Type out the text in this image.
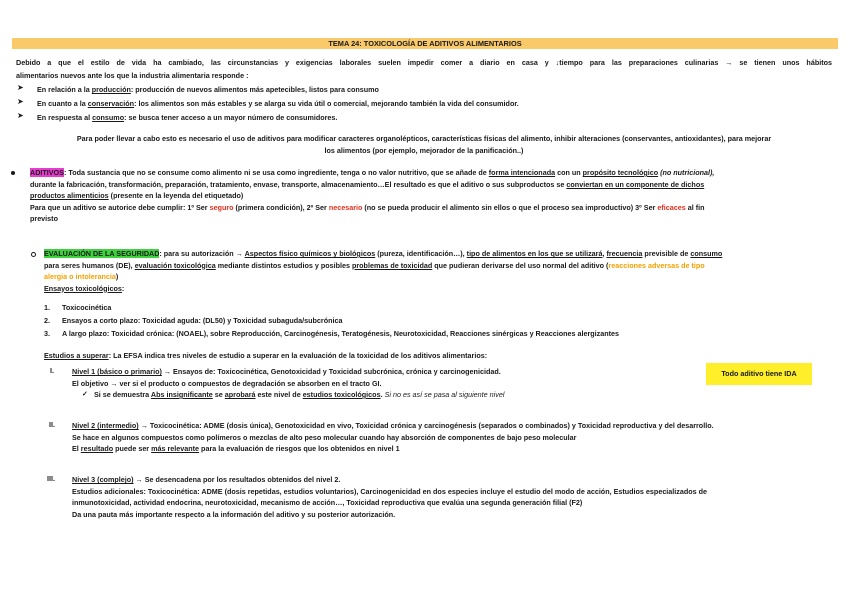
TEMA 24: TOXICOLOGÍA DE ADITIVOS ALIMENTARIOS
Debido a que el estilo de vida ha cambiado, las circunstancias y exigencias laborales suelen impedir comer a diario en casa y ↓tiempo para las preparaciones culinarias → se tienen unos hábitos
alimentarios nuevos ante los que la industria alimentaria responde :
➤ En relación a la producción: producción de nuevos alimentos más apetecibles, listos para consumo
➤ En cuanto a la conservación: los alimentos son más estables y se alarga su vida útil o comercial, mejorando también la vida del consumidor.
➤ En respuesta al consumo: se busca tener acceso a un mayor número de consumidores.
Para poder llevar a cabo esto es necesario el uso de aditivos para modificar caracteres organolépticos, características físicas del alimento, inhibir alteraciones (conservantes, antioxidantes), para mejorar
los alimentos (por ejemplo, mejorador de la panificación..)
ADITIVOS: Toda sustancia que no se consume como alimento ni se usa como ingrediente, tenga o no valor nutritivo, que se añade de forma intencionada con un propósito tecnológico (no nutricional),
durante la fabricación, transformación, preparación, tratamiento, envase, transporte, almacenamiento…El resultado es que el aditivo o sus subproductos se conviertan en un componente de dichos
productos alimenticios (presente en la leyenda del etiquetado)
Para que un aditivo se autorice debe cumplir: 1º Ser seguro (primera condición), 2º Ser necesario (no se pueda producir el alimento sin ellos o que el proceso sea improductivo) 3º Ser eficaces al fin
previsto
EVALUACIÓN DE LA SEGURIDAD: para su autorización → Aspectos físico químicos y biológicos (pureza, identificación…), tipo de alimentos en los que se utilizará, frecuencia previsible de consumo
para seres humanos (DE), evaluación toxicológica mediante distintos estudios y posibles problemas de toxicidad que pudieran derivarse del uso normal del aditivo (reacciones adversas de tipo
alergia o intolerancia)
Ensayos toxicológicos:
1. Toxicocinética
2. Ensayos a corto plazo: Toxicidad aguda: (DL50) y Toxicidad subaguda/subcrónica
3. A largo plazo: Toxicidad crónica: (NOAEL), sobre Reproducción, Carcinogénesis, Teratogénesis, Neurotoxicidad, Reacciones sinérgicas y Reacciones alergizantes
Estudios a superar: La EFSA indica tres niveles de estudio a superar en la evaluación de la toxicidad de los aditivos alimentarios:
I.	Nivel 1 (básico o primario) → Ensayos de: Toxicocinética, Genotoxicidad y Toxicidad subcrónica, crónica y carcinogenicidad.
El objetivo → ver si el producto o compuestos de degradación se absorben en el tracto GI.
✓ Si se demuestra Abs insignificante se aprobará este nivel de estudios toxicológicos. Si no es así se pasa al siguiente nivel
Todo aditivo tiene IDA
II. Nivel 2 (intermedio) → Toxicocinética: ADME (dosis única), Genotoxicidad en vivo, Toxicidad crónica y carcinogénesis (separados o combinados) y Toxicidad reproductiva y del desarrollo.
Se hace en algunos compuestos como polímeros o mezclas de alto peso molecular cuando hay absorción de componentes de bajo peso molecular
El resultado puede ser más relevante para la evaluación de riesgos que los obtenidos en nivel 1
III. Nivel 3 (complejo) → Se desencadena por los resultados obtenidos del nivel 2.
Estudios adicionales: Toxicocinética: ADME (dosis repetidas, estudios voluntarios), Carcinogenicidad en dos especies incluye el estudio del modo de acción, Estudios especializados de
inmunotoxicidad, actividad endocrina, neurotoxicidad, mecanismo de acción…, Toxicidad reproductiva que evalúa una segunda generación filial (F2)
Da una pauta más importante respecto a la información del aditivo y su posterior autorización.
